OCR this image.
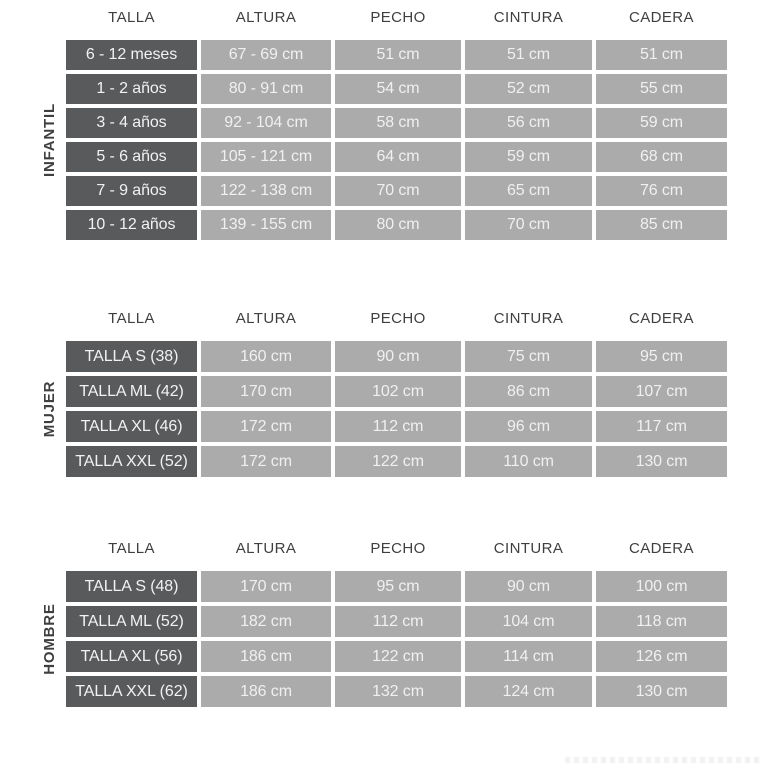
INFANTIL
TALLA	ALTURA	PECHO	CINTURA	CADERA
6 - 12 meses	67 - 69 cm	51 cm	51 cm	51 cm
1 - 2 años	80 - 91 cm	54 cm	52 cm	55 cm
3 - 4 años	92 - 104 cm	58 cm	56 cm	59 cm
5 - 6 años	105 - 121 cm	64 cm	59 cm	68 cm
7 - 9 años	122 - 138 cm	70 cm	65 cm	76 cm
10 - 12 años	139 - 155 cm	80 cm	70 cm	85 cm
MUJER
TALLA	ALTURA	PECHO	CINTURA	CADERA
TALLA S (38)	160 cm	90 cm	75 cm	95 cm
TALLA ML (42)	170 cm	102 cm	86 cm	107 cm
TALLA XL (46)	172 cm	112 cm	96 cm	117 cm
TALLA XXL (52)	172 cm	122 cm	110 cm	130 cm
HOMBRE
TALLA	ALTURA	PECHO	CINTURA	CADERA
TALLA S (48)	170 cm	95 cm	90 cm	100 cm
TALLA ML (52)	182 cm	112 cm	104 cm	118 cm
TALLA XL (56)	186 cm	122 cm	114 cm	126 cm
TALLA XXL (62)	186 cm	132 cm	124 cm	130 cm
